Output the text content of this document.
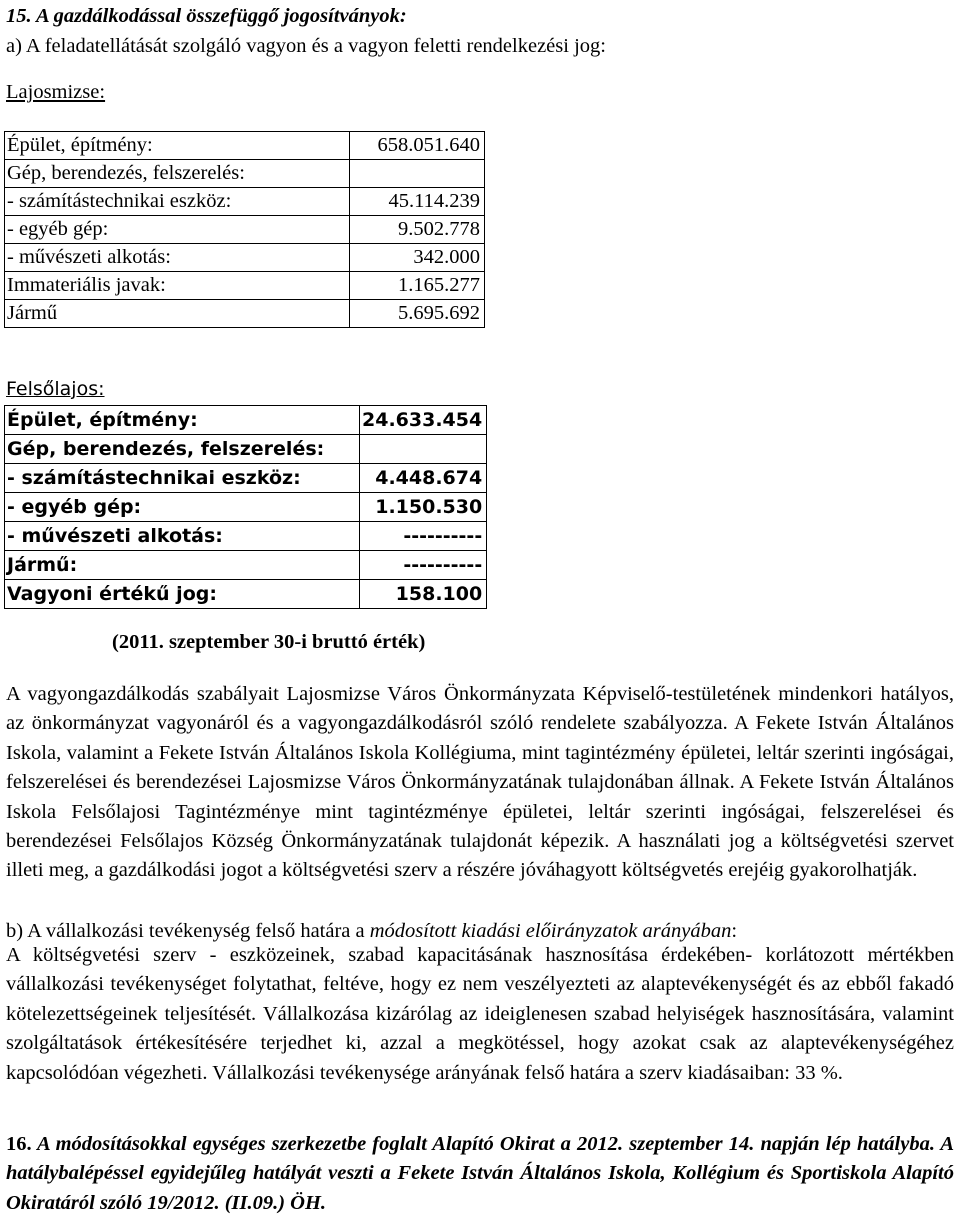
15. A gazdálkodással összefüggő jogosítványok:
a) A feladatellátását szolgáló vagyon és a vagyon feletti rendelkezési jog:
Lajosmizse:
Épület, építmény:	658.051.640
Gép, berendezés, felszerelés:	
- számítástechnikai eszköz:	45.114.239
- egyéb gép:	9.502.778
- művészeti alkotás:	342.000
Immateriális javak:	1.165.277
Jármű	5.695.692
Felsőlajos:
Épület, építmény:	24.633.454
Gép, berendezés, felszerelés:	
- számítástechnikai eszköz:	4.448.674
- egyéb gép:	1.150.530
- művészeti alkotás:	----------
Jármű:	----------
Vagyoni értékű jog:	158.100
(2011. szeptember 30-i bruttó érték)
A vagyongazdálkodás szabályait Lajosmizse Város Önkormányzata Képviselő-testületének mindenkori hatályos, az önkormányzat vagyonáról és a vagyongazdálkodásról szóló rendelete szabályozza. A Fekete István Általános Iskola, valamint a Fekete István Általános Iskola Kollégiuma, mint tagintézmény épületei, leltár szerinti ingóságai, felszerelései és berendezései Lajosmizse Város Önkormányzatának tulajdonában állnak. A Fekete István Általános Iskola Felsőlajosi Tagintézménye mint tagintézménye épületei, leltár szerinti ingóságai, felszerelései és berendezései Felsőlajos Község Önkormányzatának tulajdonát képezik. A használati jog a költségvetési szervet illeti meg, a gazdálkodási jogot a költségvetési szerv a részére jóváhagyott költségvetés erejéig gyakorolhatják.
b) A vállalkozási tevékenység felső határa a módosított kiadási előirányzatok arányában:
A költségvetési szerv - eszközeinek, szabad kapacitásának hasznosítása érdekében- korlátozott mértékben vállalkozási tevékenységet folytathat, feltéve, hogy ez nem veszélyezteti az alaptevékenységét és az ebből fakadó kötelezettségeinek teljesítését. Vállalkozása kizárólag az ideiglenesen szabad helyiségek hasznosítására, valamint szolgáltatások értékesítésére terjedhet ki, azzal a megkötéssel, hogy azokat csak az alaptevékenységéhez kapcsolódóan végezheti. Vállalkozási tevékenysége arányának felső határa a szerv kiadásaiban: 33 %.
16. A módosításokkal egységes szerkezetbe foglalt Alapító Okirat a 2012. szeptember 14. napján lép hatályba. A hatálybalépéssel egyidejűleg hatályát veszti a Fekete István Általános Iskola, Kollégium és Sportiskola Alapító Okiratáról szóló 19/2012. (II.09.) ÖH.
